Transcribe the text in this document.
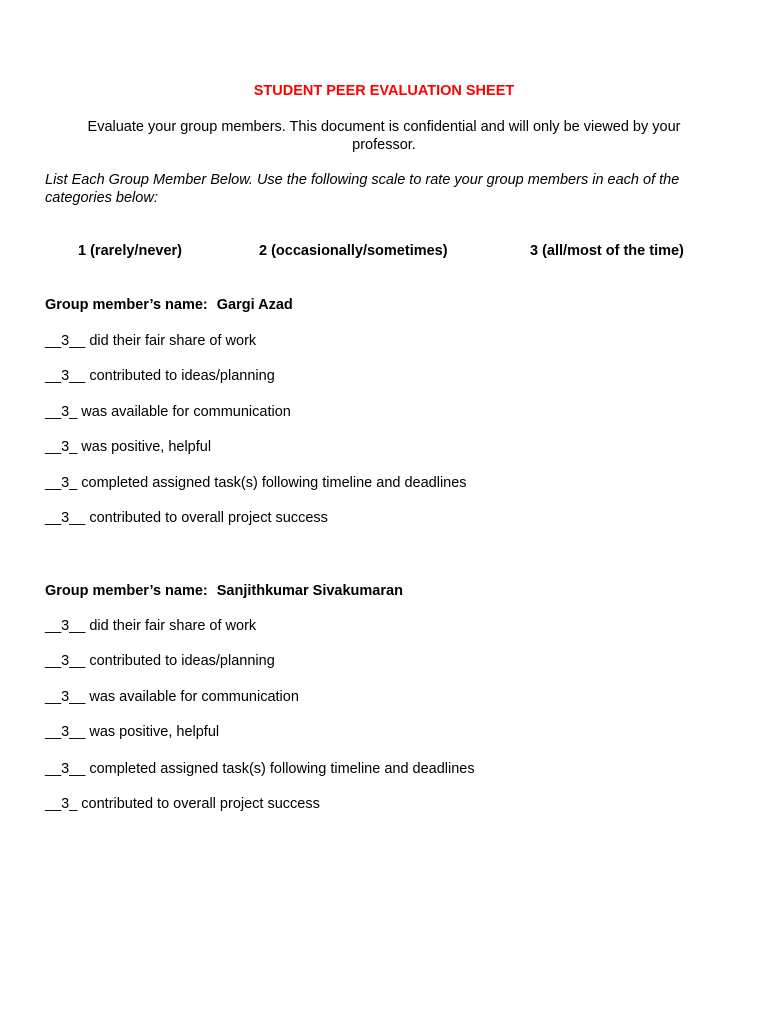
STUDENT PEER EVALUATION SHEET
Evaluate your group members. This document is confidential and will only be viewed by your professor.
List Each Group Member Below. Use the following scale to rate your group members in each of the categories below:
1 (rarely/never)	2 (occasionally/sometimes)	3 (all/most of the time)
Group member’s name: Gargi Azad
__3__ did their fair share of work
__3__ contributed to ideas/planning
__3_ was available for communication
__3_ was positive, helpful
__3_ completed assigned task(s) following timeline and deadlines
__3__ contributed to overall project success
Group member’s name: Sanjithkumar Sivakumaran
__3__ did their fair share of work
__3__ contributed to ideas/planning
__3__ was available for communication
__3__ was positive, helpful
__3__ completed assigned task(s) following timeline and deadlines
__3_ contributed to overall project success
